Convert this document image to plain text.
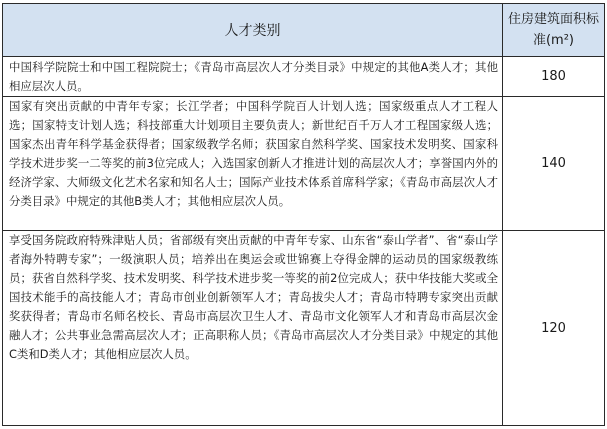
人才类别	住房建筑面积标准(m²)
中国科学院院士和中国工程院院士；《青岛市高层次人才分类目录》中规定的其他A类人才；其他相应层次人员。	180
国家有突出贡献的中青年专家；长江学者；中国科学院百人计划人选；国家级重点人才工程人选；国家特支计划人选；科技部重大计划项目主要负责人；新世纪百千万人才工程国家级人选；国家杰出青年科学基金获得者；国家级教学名师；获国家自然科学奖、国家技术发明奖、国家科学技术进步奖一二等奖的前3位完成人；入选国家创新人才推进计划的高层次人才；享誉国内外的经济学家、大师级文化艺术名家和知名人士；国际产业技术体系首席科学家；《青岛市高层次人才分类目录》中规定的其他B类人才；其他相应层次人员。	140
享受国务院政府特殊津贴人员；省部级有突出贡献的中青年专家、山东省“泰山学者”、省“泰山学者海外特聘专家”；一级演职人员；培养出在奥运会或世锦赛上夺得金牌的运动员的国家级教练员；获省自然科学奖、技术发明奖、科学技术进步奖一等奖的前2位完成人；获中华技能大奖或全国技术能手的高技能人才；青岛市创业创新领军人才；青岛拔尖人才；青岛市特聘专家突出贡献奖获得者；青岛市名师名校长、青岛市高层次卫生人才、青岛市文化领军人才和青岛市高层次金融人才；公共事业急需高层次人才；正高职称人员；《青岛市高层次人才分类目录》中规定的其他C类和D类人才；其他相应层次人员。	120
